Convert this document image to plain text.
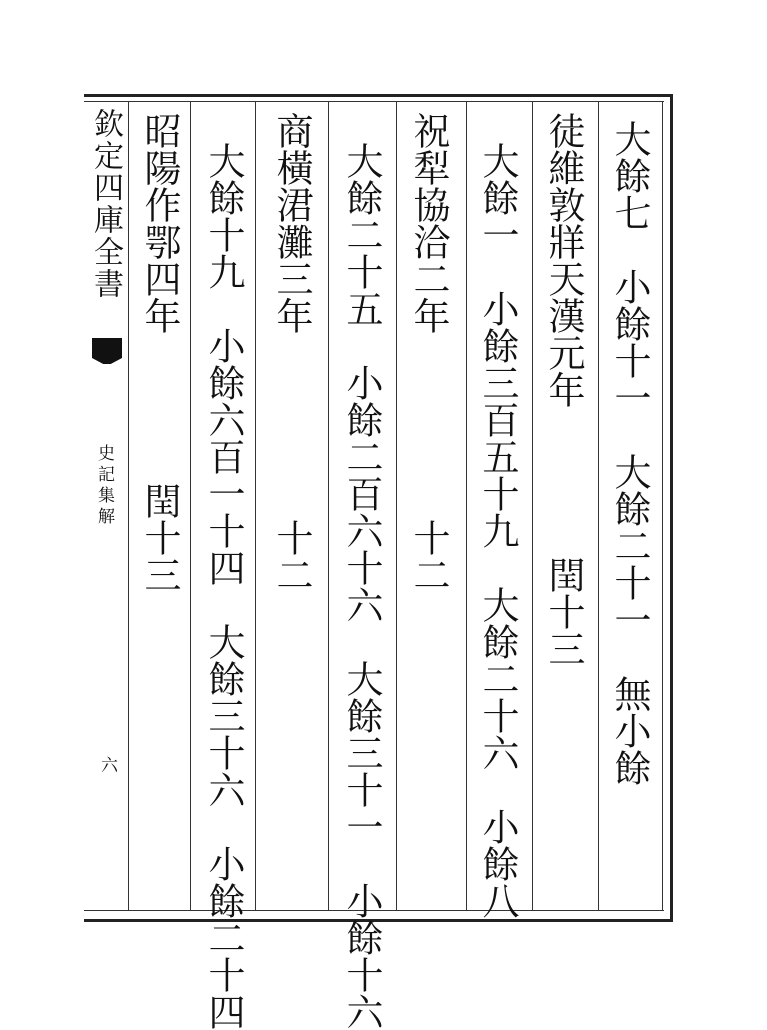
欽定四庫全書
史記集解
六	大餘七　小餘十一　大餘二十一　無小餘
徒維敦牂天漢元年　　　　閏十三
大餘一　小餘三百五十九　大餘二十六　小餘八
祝犁協洽二年　　　　　十二
大餘二十五　小餘二百六十六　大餘三十一　小餘十六
商橫涒灘三年　　　　　十二
大餘十九　小餘六百一十四　大餘三十六　小餘二十四
昭陽作鄂四年　　　　閏十三
